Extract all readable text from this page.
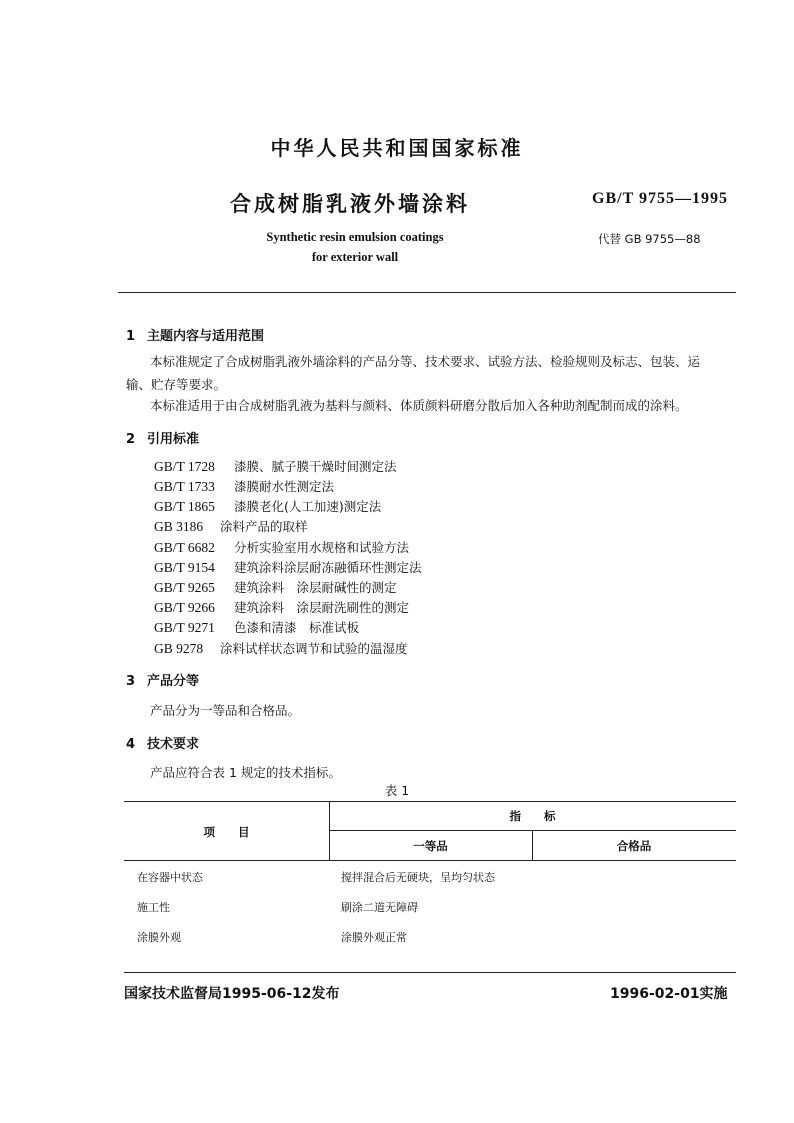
中华人民共和国国家标准
合成树脂乳液外墙涂料	GB/T 9755—1995
Synthetic resin emulsion coatings
for exterior wall
代替 GB 9755—88
1 主题内容与适用范围
本标准规定了合成树脂乳液外墙涂料的产品分等、技术要求、试验方法、检验规则及标志、包装、运
输、贮存等要求。
本标准适用于由合成树脂乳液为基料与颜料、体质颜料研磨分散后加入各种助剂配制而成的涂料。
2 引用标准
GB/T 1728 漆膜、腻子膜干燥时间测定法
GB/T 1733 漆膜耐水性测定法
GB/T 1865 漆膜老化(人工加速)测定法
GB 3186 涂料产品的取样
GB/T 6682 分析实验室用水规格和试验方法
GB/T 9154 建筑涂料涂层耐冻融循环性测定法
GB/T 9265 建筑涂料　涂层耐碱性的测定
GB/T 9266 建筑涂料　涂层耐洗刷性的测定
GB/T 9271 色漆和清漆　标准试板
GB 9278 涂料试样状态调节和试验的温湿度
3 产品分等
产品分为一等品和合格品。
4 技术要求
产品应符合表 1 规定的技术指标。
表 1
项　　目
指　　标
一等品	合格品
在容器中状态	搅拌混合后无硬块，呈均匀状态
施工性	刷涂二道无障碍
涂膜外观	涂膜外观正常
国家技术监督局1995-06-12发布	1996-02-01实施
